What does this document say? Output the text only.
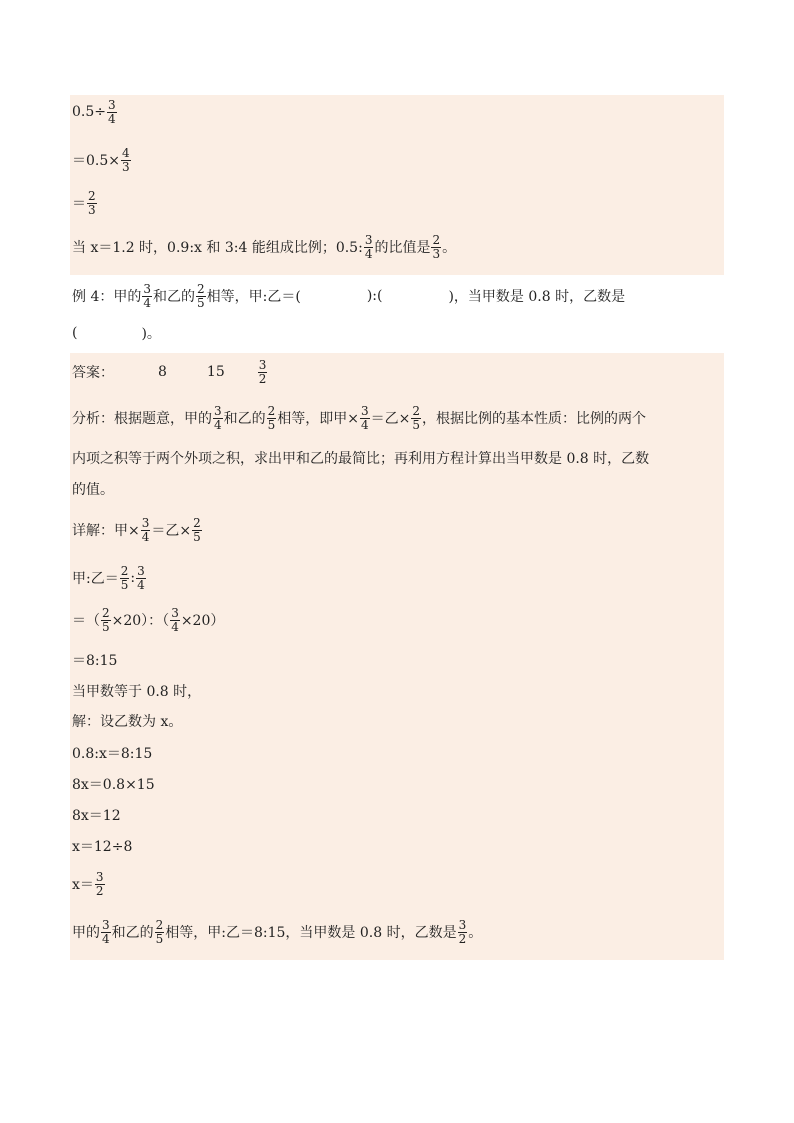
$0.5\div \frac{3}{4}$
$=0.5\times \frac{4}{3}$
＝ $\frac{2}{3}$
当 x＝1.2 时，0.9:x 和 3:4 能组成比例；0.5: $\frac{3}{4}$ 的比值是 $\frac{2}{3}$ 。
例 4：甲的 $\frac{3}{4}$ 和乙的 $\frac{2}{5}$ 相等，甲:乙＝(	):(	)，当甲数是 0.8 时，乙数是
(	)。
答案：	8	15	$\frac{3}{2}$
分析：根据题意，甲的 $\frac{3}{4}$ 和乙的 $\frac{2}{5}$ 相等，即甲× $\frac{3}{4}$ ＝乙× $\frac{2}{5}$ ，根据比例的基本性质：比例的两个
内项之积等于两个外项之积，求出甲和乙的最简比；再利用方程计算出当甲数是 0.8 时，乙数
的值。
详解：甲× $\frac{3}{4}$ ＝乙× $\frac{2}{5}$
甲:乙＝ $\frac{2}{5}$ : $\frac{3}{4}$
＝（ $\frac{2}{5} \times 20$）：（ $\frac{3}{4} \times 20$）
＝8:15
当甲数等于 0.8 时，
解：设乙数为 x。
0.8:x＝8:15
8x＝0.8×15
8x＝12
x＝12÷8
$x= \frac{3}{2}$
甲的 $\frac{3}{4}$ 和乙的 $\frac{2}{5}$ 相等，甲:乙＝8:15，当甲数是 0.8 时，乙数是 $\frac{3}{2}$ 。
